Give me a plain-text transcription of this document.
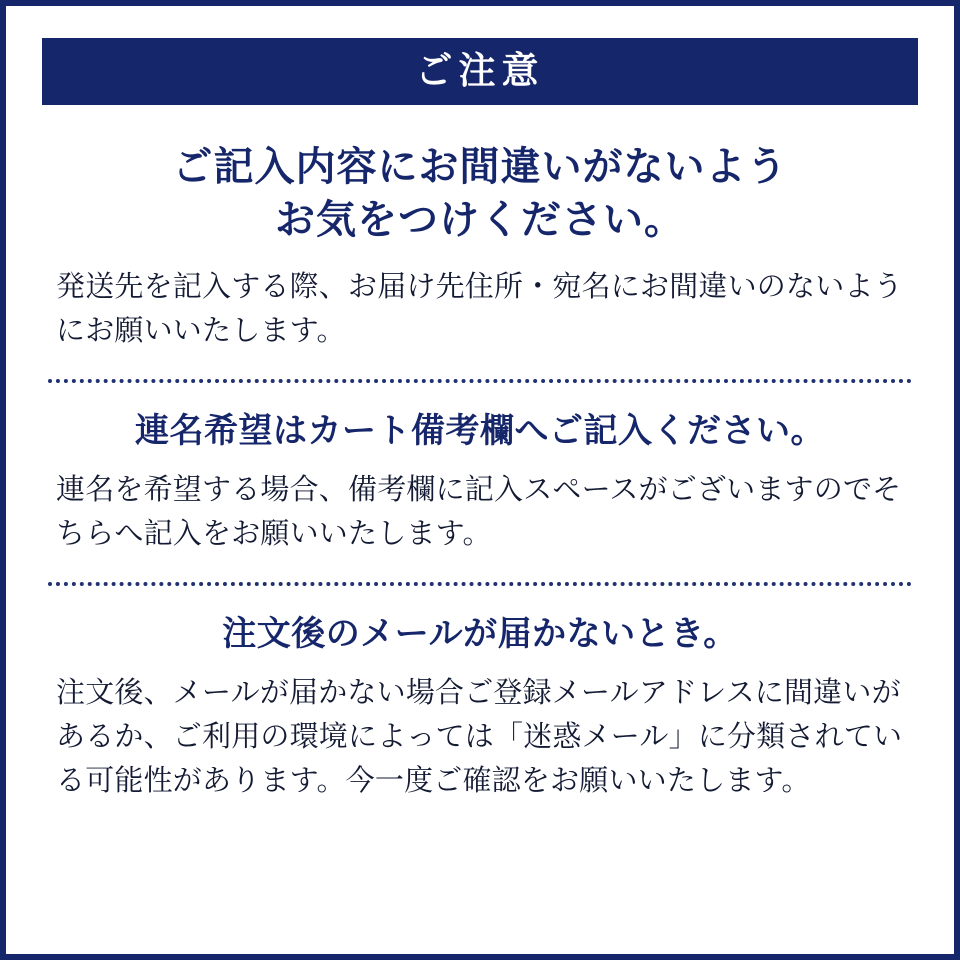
ご注意
ご記入内容にお間違いがないよう
お気をつけください。
発送先を記入する際、お届け先住所・宛名にお間違いのないようにお願いいたします。
連名希望はカート備考欄へご記入ください。
連名を希望する場合、備考欄に記入スペースがございますのでそちらへ記入をお願いいたします。
注文後のメールが届かないとき。
注文後、メールが届かない場合ご登録メールアドレスに間違いがあるか、ご利用の環境によっては「迷惑メール」に分類されている可能性があります。今一度ご確認をお願いいたします。
